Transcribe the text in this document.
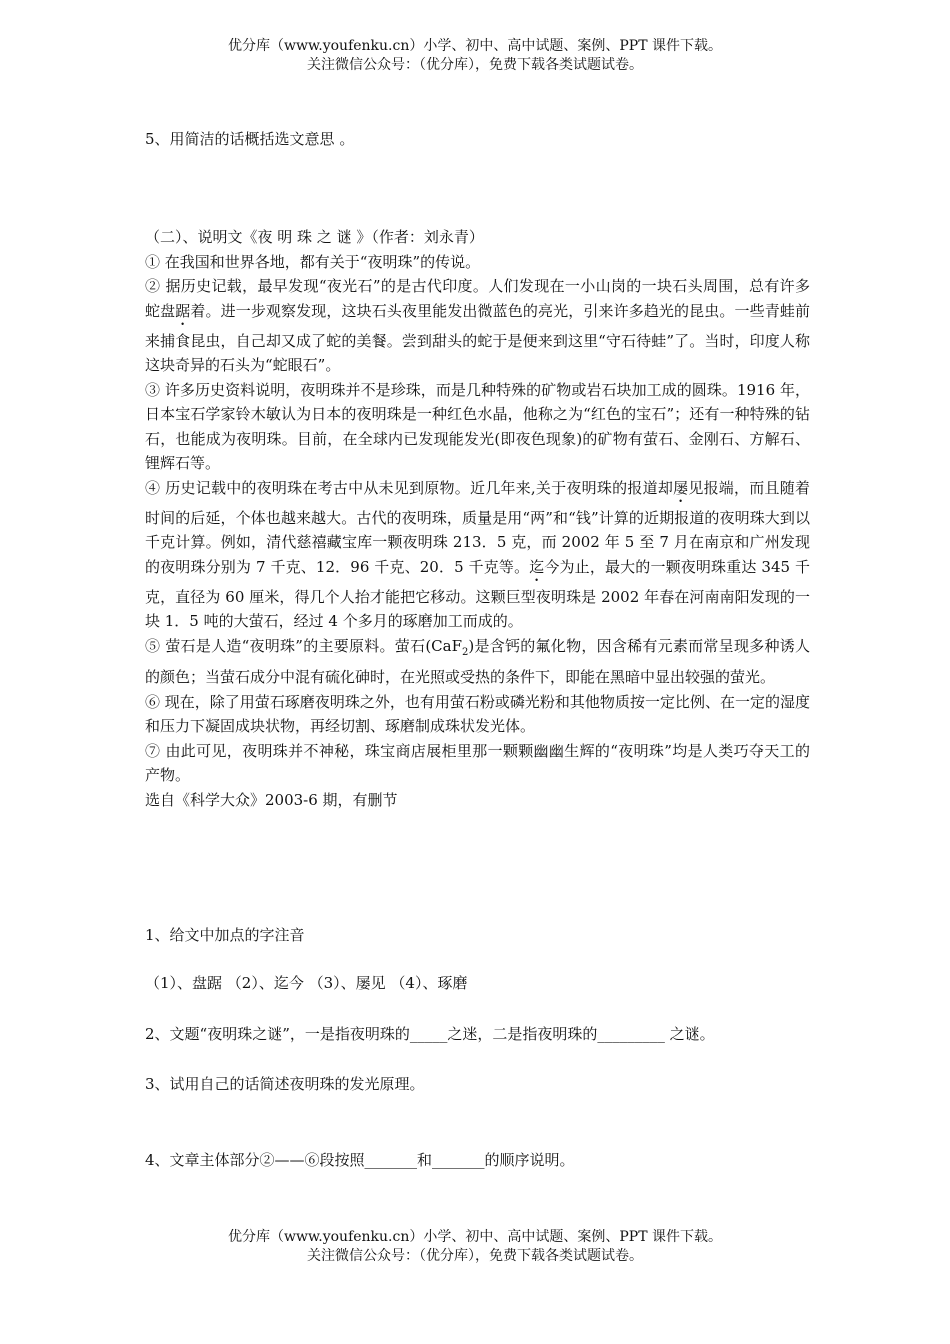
优分库（www.youfenku.cn）小学、初中、高中试题、案例、PPT 课件下载。
关注微信公众号：（优分库），免费下载各类试题试卷。
5、用简洁的话概括选文意思 。

（二）、说明文《夜 明 珠 之 谜 》（作者：刘永青）

① 在我国和世界各地，都有关于“夜明珠”的传说。

② 据历史记载，最早发现“夜光石”的是古代印度。人们发现在一小山岗的一块石头周围，总有许多蛇盘踞着。进一步观察发现，这块石头夜里能发出微蓝色的亮光，引来许多趋光的昆虫。一些青蛙前来捕食昆虫，自己却又成了蛇的美餐。尝到甜头的蛇于是便来到这里“守石待蛙”了。当时，印度人称这块奇异的石头为“蛇眼石”。

③ 许多历史资料说明，夜明珠并不是珍珠，而是几种特殊的矿物或岩石块加工成的圆珠。1916 年，日本宝石学家铃木敏认为日本的夜明珠是一种红色水晶，他称之为“红色的宝石”；还有一种特殊的钻石，也能成为夜明珠。目前，在全球内已发现能发光(即夜色现象)的矿物有萤石、金刚石、方解石、锂辉石等。

④ 历史记载中的夜明珠在考古中从未见到原物。近几年来,关于夜明珠的报道却屡见报端，而且随着时间的后延，个体也越来越大。古代的夜明珠，质量是用“两”和“钱”计算的近期报道的夜明珠大到以千克计算。例如，清代慈禧藏宝库一颗夜明珠 213．5 克，而 2002 年 5 至 7 月在南京和广州发现的夜明珠分别为 7 千克、12．96 千克、20．5 千克等。迄今为止，最大的一颗夜明珠重达 345 千克，直径为 60 厘米，得几个人抬才能把它移动。这颗巨型夜明珠是 2002 年春在河南南阳发现的一块 1．5 吨的大萤石，经过 4 个多月的琢磨加工而成的。

⑤ 萤石是人造“夜明珠”的主要原料。萤石(CaF$_2$)是含钙的氟化物，因含稀有元素而常呈现多种诱人的颜色；当萤石成分中混有硫化砷时，在光照或受热的条件下，即能在黑暗中显出较强的萤光。

⑥ 现在，除了用萤石琢磨夜明珠之外，也有用萤石粉或磷光粉和其他物质按一定比例、在一定的湿度和压力下凝固成块状物，再经切割、琢磨制成珠状发光体。

⑦ 由此可见，夜明珠并不神秘，珠宝商店展柜里那一颗颗幽幽生辉的“夜明珠”均是人类巧夺天工的产物。

选自《科学大众》2003-6 期，有删节

1、给文中加点的字注音
（1）、盘踞 （2）、迄今 （3）、屡见 （4）、琢磨
2、文题“夜明珠之谜”，一是指夜明珠的_____之迷，二是指夜明珠的_________ 之谜。
3、试用自己的话简述夜明珠的发光原理。
4、文章主体部分②——⑥段按照_______和_______的顺序说明。
优分库（www.youfenku.cn）小学、初中、高中试题、案例、PPT 课件下载。
关注微信公众号：（优分库），免费下载各类试题试卷。
